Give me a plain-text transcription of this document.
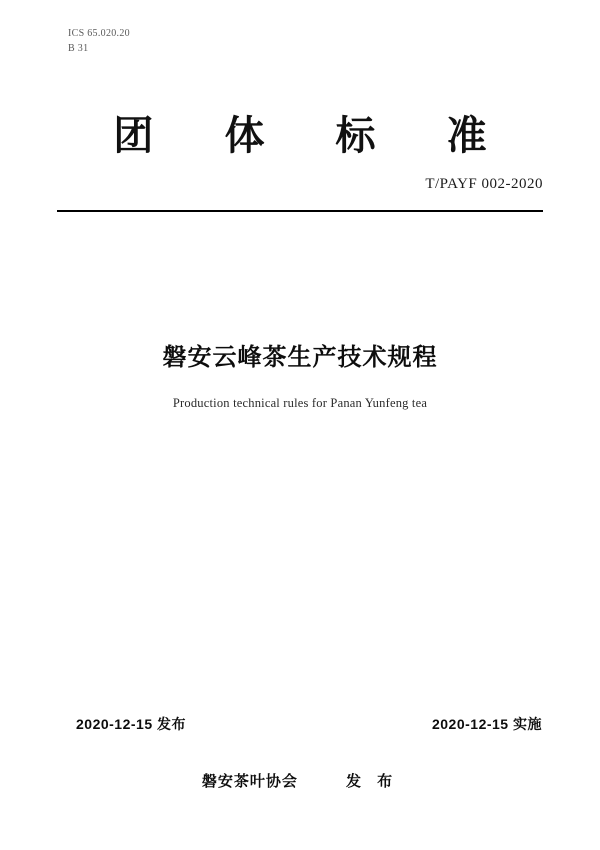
ICS 65.020.20
B 31
团 体 标 准
T/PAYF 002-2020
磐安云峰茶生产技术规程
Production technical rules for Panan Yunfeng tea
2020-12-15 发布	2020-12-15 实施
磐安茶叶协会	发 布
